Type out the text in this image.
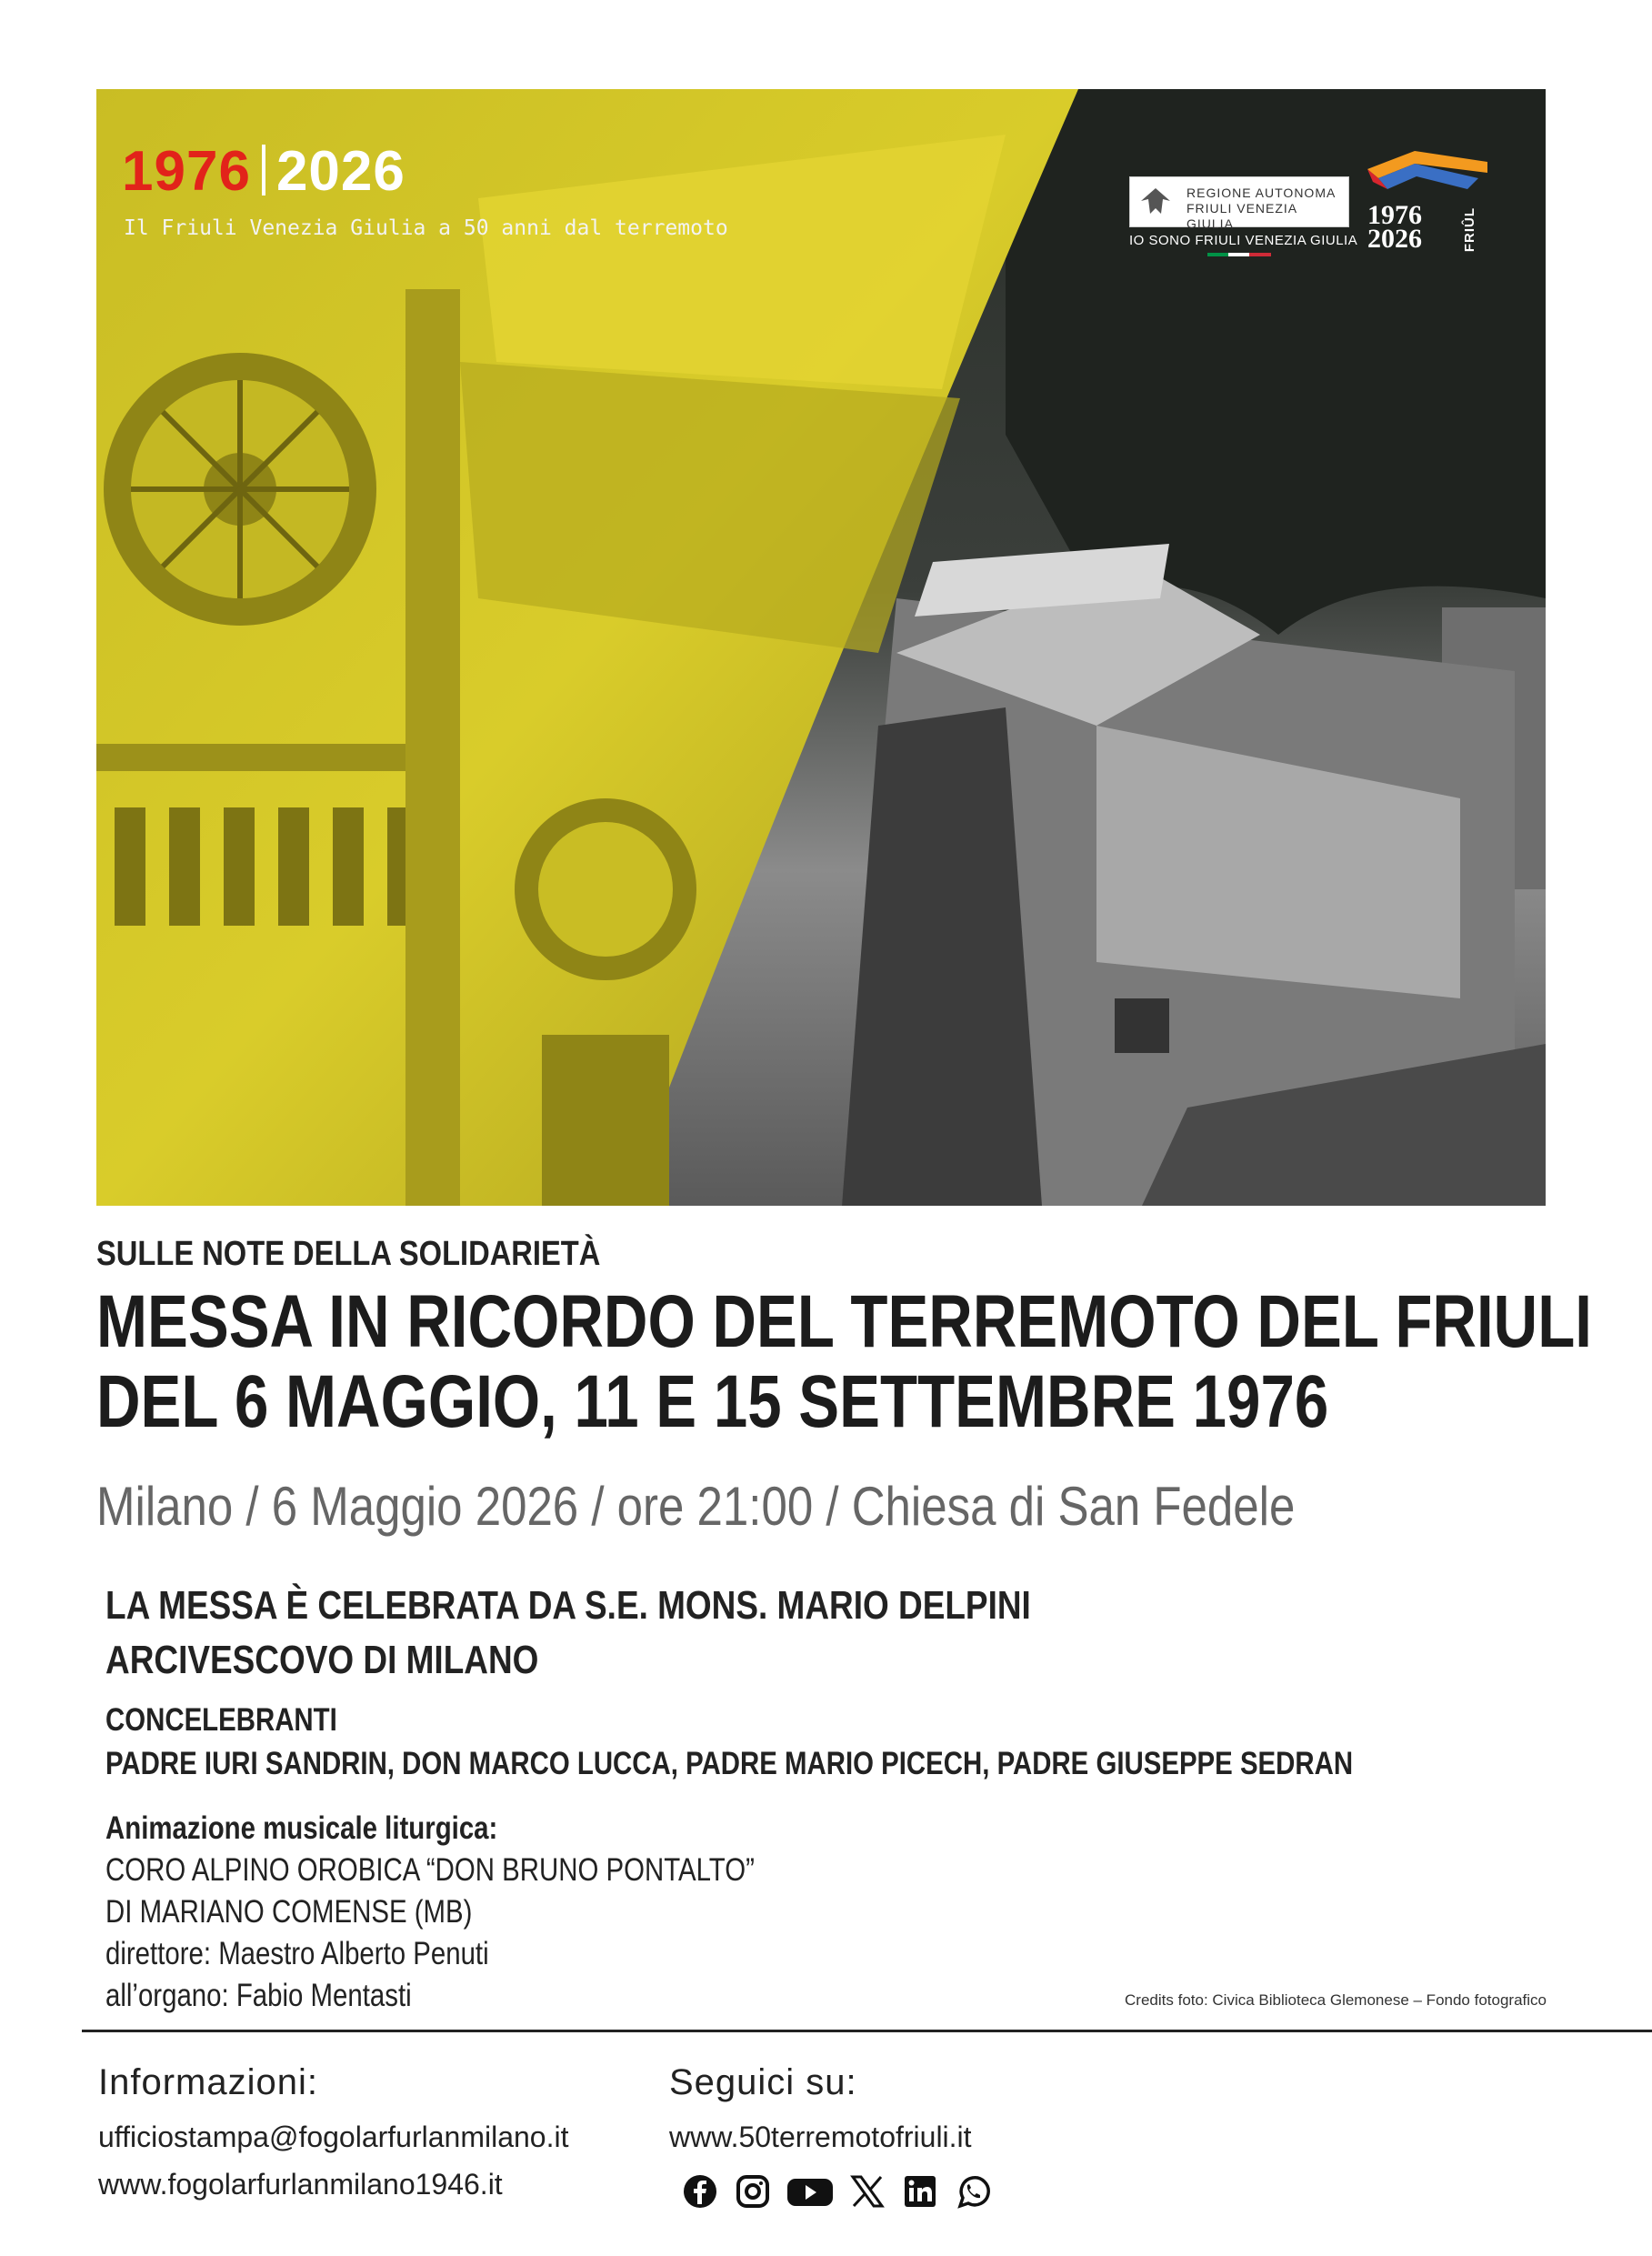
1976 2026
Il Friuli Venezia Giulia a 50 anni dal terremoto
REGIONE AUTONOMA
FRIULI VENEZIA GIULIA
IO SONO FRIULI VENEZIA GIULIA
1976 2026	FRIÛL
SULLE NOTE DELLA SOLIDARIETÀ
MESSA IN RICORDO DEL TERREMOTO DEL FRIULI
DEL 6 MAGGIO, 11 E 15 SETTEMBRE 1976
Milano / 6 Maggio 2026 / ore 21:00 / Chiesa di San Fedele
LA MESSA È CELEBRATA DA S.E. MONS. MARIO DELPINI
ARCIVESCOVO DI MILANO
CONCELEBRANTI
PADRE IURI SANDRIN, DON MARCO LUCCA, PADRE MARIO PICECH, PADRE GIUSEPPE SEDRAN
Animazione musicale liturgica:
CORO ALPINO OROBICA “DON BRUNO PONTALTO”
DI MARIANO COMENSE (MB)
direttore: Maestro Alberto Penuti
all’organo: Fabio Mentasti	Credits foto: Civica Biblioteca Glemonese – Fondo fotografico
Informazioni:
ufficiostampa@fogolarfurlanmilano.it
www.fogolarfurlanmilano1946.it
Seguici su:
www.50terremotofriuli.it
